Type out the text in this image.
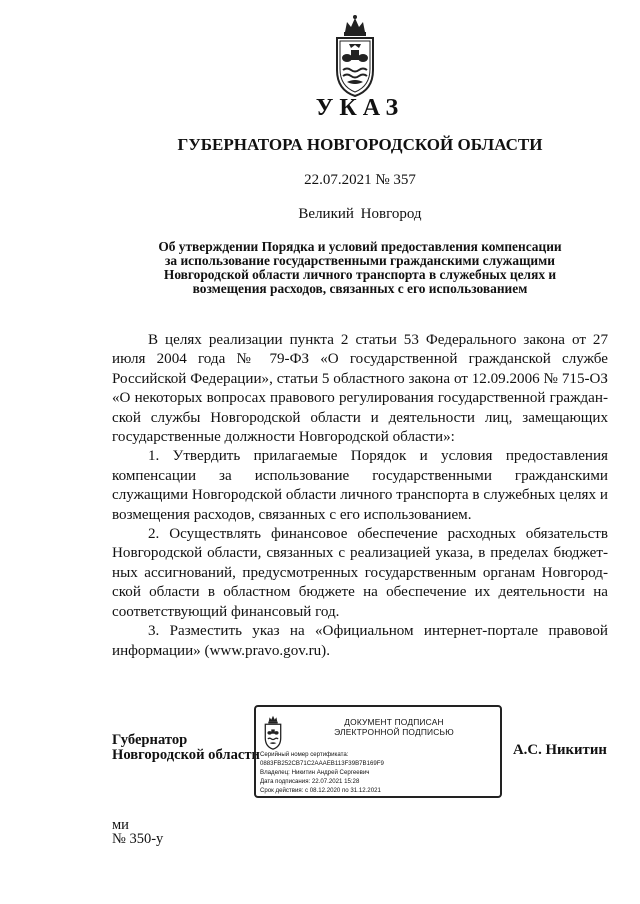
УКАЗ
ГУБЕРНАТОРА НОВГОРОДСКОЙ ОБЛАСТИ
22.07.2021 № 357
Великий Новгород
Об утверждении Порядка и условий предоставления компенсации
за использование государственными гражданскими служащими
Новгородской области личного транспорта в служебных целях и
возмещения расходов, связанных с его использованием

В целях реализации пункта 2 статьи 53 Федерального закона от 27 июля 2004 года № 79-ФЗ «О государственной гражданской службе Российской Федерации», статьи 5 областного закона от 12.09.2006 № 715-ОЗ «О некоторых вопросах правового регулирования государственной гражданской службы Новгородской области и деятельности лиц, замещающих государственные должности Новгородской области»:

1. Утвердить прилагаемые Порядок и условия предоставления компенсации за использование государственными гражданскими служащими Новгородской области личного транспорта в служебных целях и возмещения расходов, связанных с его использованием.

2. Осуществлять финансовое обеспечение расходных обязательств Новгородской области, связанных с реализацией указа, в пределах бюджетных ассигнований, предусмотренных государственным органам Новгородской области в областном бюджете на обеспечение их деятельности на соответствующий финансовый год.

3. Разместить указ на «Официальном интернет-портале правовой информации» (www.pravo.gov.ru).

Губернатор
Новгородской области
ДОКУМЕНТ ПОДПИСАН
ЭЛЕКТРОННОЙ ПОДПИСЬЮ
Серийный номер сертификата:
0883FB252CB71C2AAAEB113F39B7B169F9
Владелец: Никитин Андрей Сергеевич
Дата подписания: 22.07.2021 15:28
Срок действия: с 08.12.2020 по 31.12.2021
А.С. Никитин
ми
№ 350-у
